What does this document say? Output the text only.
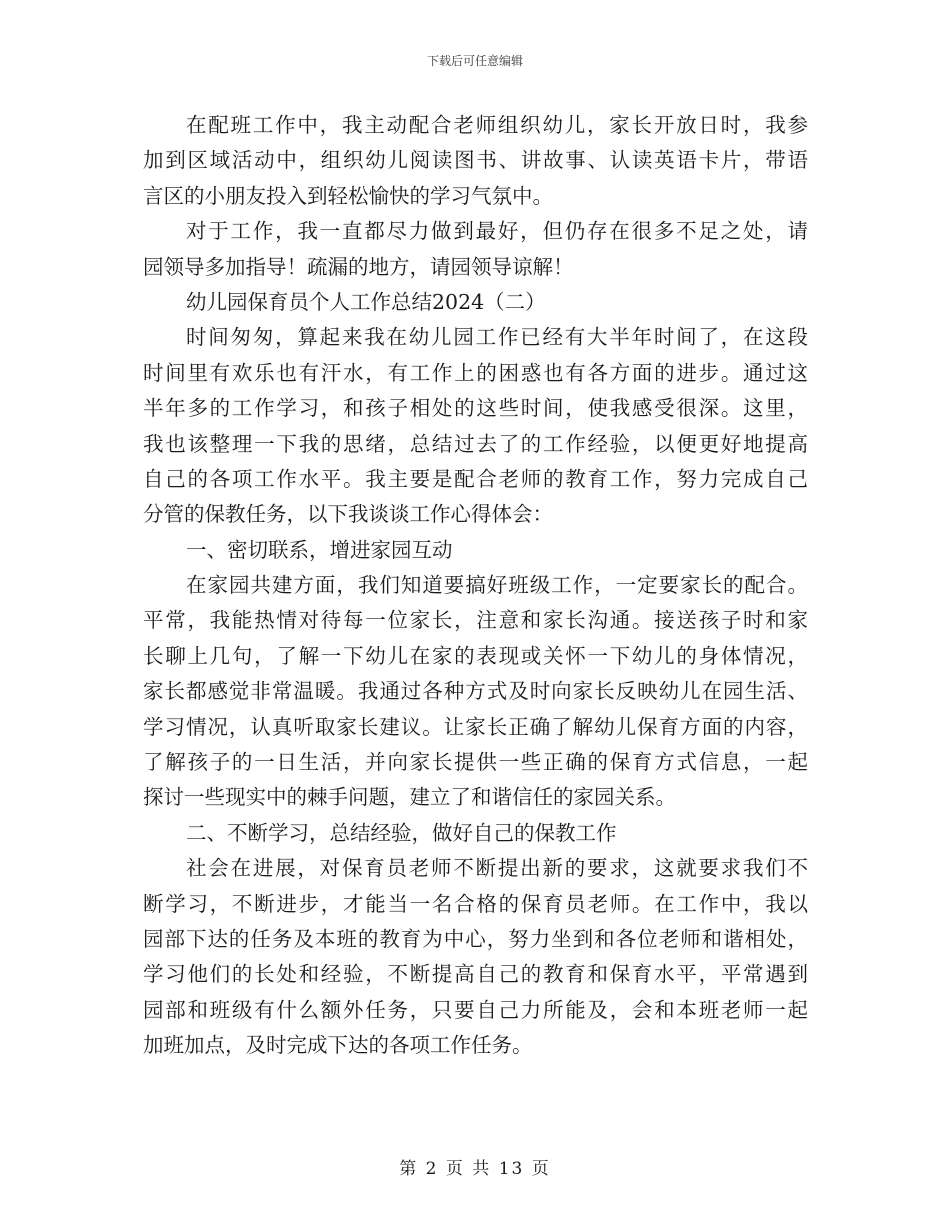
下载后可任意编辑
在配班工作中，我主动配合老师组织幼儿，家长开放日时，我参
加到区域活动中，组织幼儿阅读图书、讲故事、认读英语卡片，带语
言区的小朋友投入到轻松愉快的学习气氛中。
对于工作，我一直都尽力做到最好，但仍存在很多不足之处，请
园领导多加指导！疏漏的地方，请园领导谅解！
幼儿园保育员个人工作总结2024（二）
时间匆匆，算起来我在幼儿园工作已经有大半年时间了，在这段
时间里有欢乐也有汗水，有工作上的困惑也有各方面的进步。通过这
半年多的工作学习，和孩子相处的这些时间，使我感受很深。这里，
我也该整理一下我的思绪，总结过去了的工作经验，以便更好地提高
自己的各项工作水平。我主要是配合老师的教育工作，努力完成自己
分管的保教任务，以下我谈谈工作心得体会：
一、密切联系，增进家园互动
在家园共建方面，我们知道要搞好班级工作，一定要家长的配合。
平常，我能热情对待每一位家长，注意和家长沟通。接送孩子时和家
长聊上几句，了解一下幼儿在家的表现或关怀一下幼儿的身体情况，
家长都感觉非常温暖。我通过各种方式及时向家长反映幼儿在园生活、
学习情况，认真听取家长建议。让家长正确了解幼儿保育方面的内容，
了解孩子的一日生活，并向家长提供一些正确的保育方式信息，一起
探讨一些现实中的棘手问题，建立了和谐信任的家园关系。
二、不断学习，总结经验，做好自己的保教工作
社会在进展，对保育员老师不断提出新的要求，这就要求我们不
断学习，不断进步，才能当一名合格的保育员老师。在工作中，我以
园部下达的任务及本班的教育为中心，努力坐到和各位老师和谐相处，
学习他们的长处和经验，不断提高自己的教育和保育水平，平常遇到
园部和班级有什么额外任务，只要自己力所能及，会和本班老师一起
加班加点，及时完成下达的各项工作任务。
第 2 页 共 13 页
